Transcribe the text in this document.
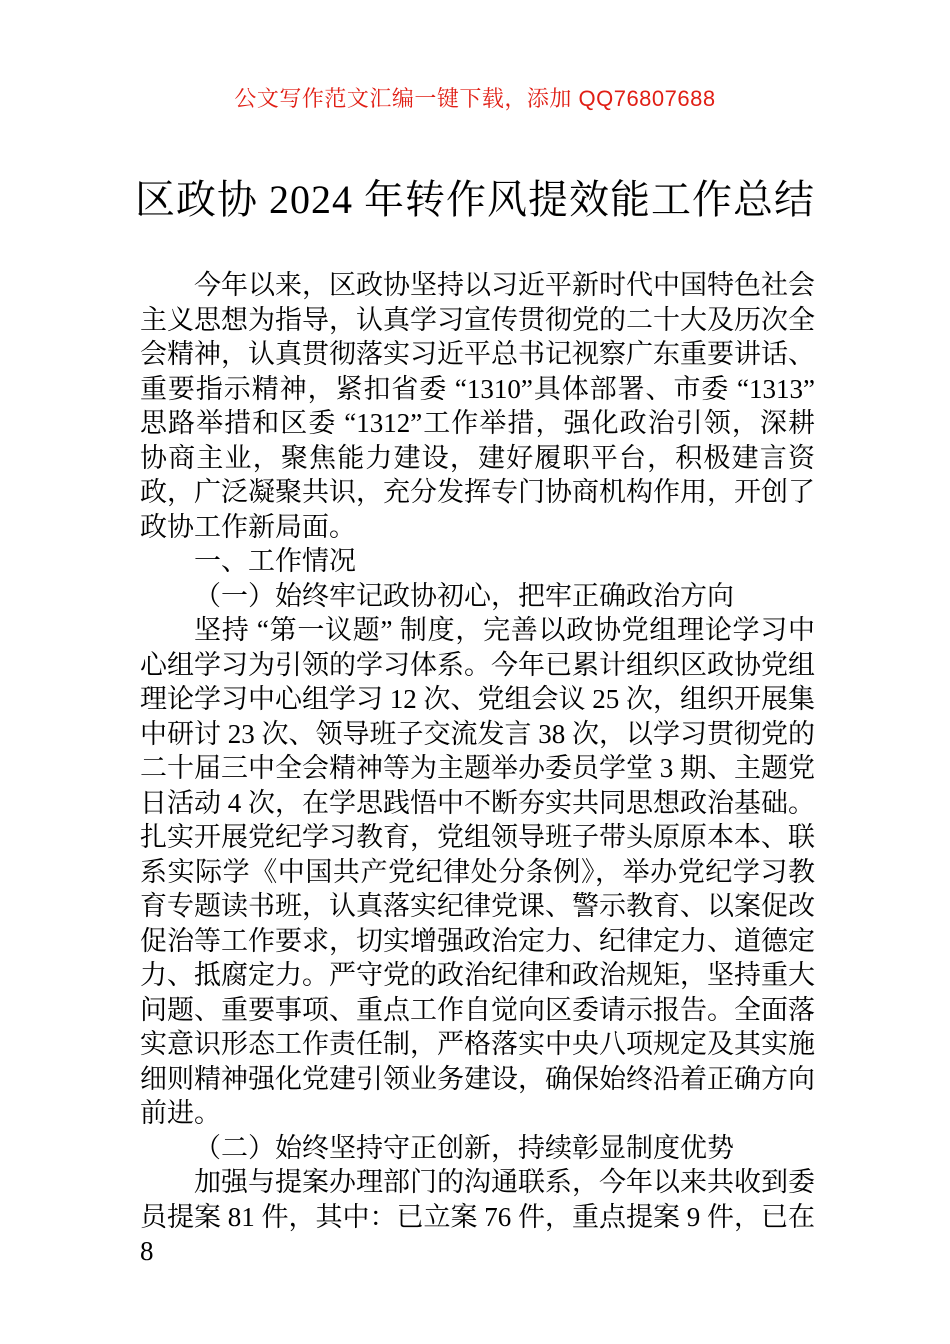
公文写作范文汇编一键下载，添加 QQ76807688
区政协 2024 年转作风提效能工作总结

今年以来，区政协坚持以习近平新时代中国特色社会主义思想为指导，认真学习宣传贯彻党的二十大及历次全会精神，认真贯彻落实习近平总书记视察广东重要讲话、重要指示精神，紧扣省委 “1310”具体部署、市委 “1313”思路举措和区委 “1312”工作举措，强化政治引领，深耕协商主业，聚焦能力建设，建好履职平台，积极建言资政，广泛凝聚共识，充分发挥专门协商机构作用，开创了政协工作新局面。

一、工作情况

（一）始终牢记政协初心，把牢正确政治方向

坚持 “第一议题” 制度，完善以政协党组理论学习中心组学习为引领的学习体系。今年已累计组织区政协党组理论学习中心组学习 12 次、党组会议 25 次，组织开展集中研讨 23 次、领导班子交流发言 38 次，以学习贯彻党的二十届三中全会精神等为主题举办委员学堂 3 期、主题党日活动 4 次，在学思践悟中不断夯实共同思想政治基础。扎实开展党纪学习教育，党组领导班子带头原原本本、联系实际学《中国共产党纪律处分条例》，举办党纪学习教育专题读书班，认真落实纪律党课、警示教育、以案促改促治等工作要求，切实增强政治定力、纪律定力、道德定力、抵腐定力。严守党的政治纪律和政治规矩，坚持重大问题、重要事项、重点工作自觉向区委请示报告。全面落实意识形态工作责任制，严格落实中央八项规定及其实施细则精神强化党建引领业务建设，确保始终沿着正确方向前进。

（二）始终坚持守正创新，持续彰显制度优势

加强与提案办理部门的沟通联系，今年以来共收到委员提案 81 件，其中：已立案 76 件，重点提案 9 件，已在 8
